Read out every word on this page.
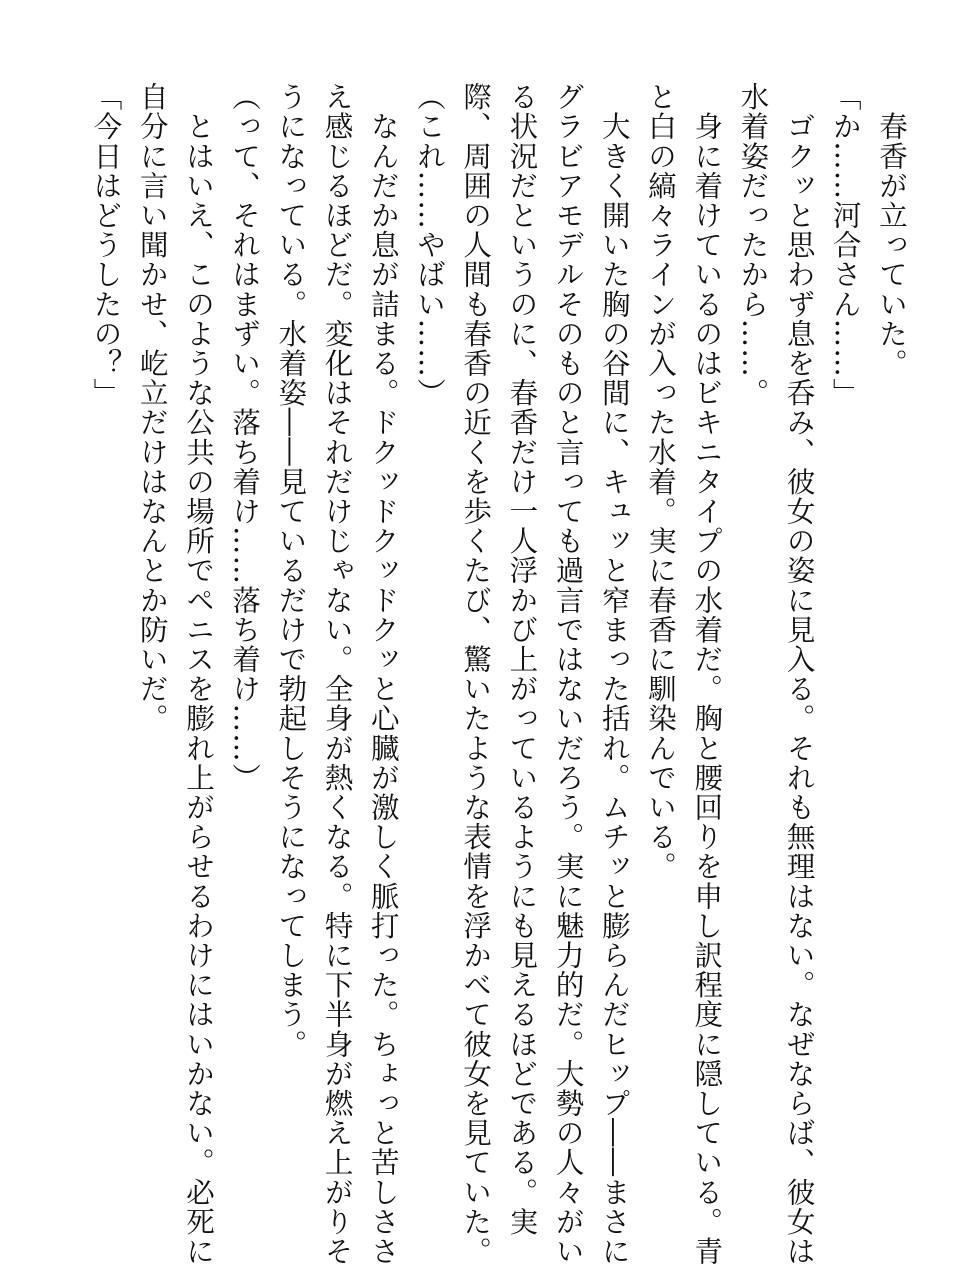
　春香が立っていた。

「か……河合さん……」

　ゴクッと思わず息を呑み、彼女の姿に見入る。それも無理はない。なぜならば、彼女は

水着姿だったから……。

　身に着けているのはビキニタイプの水着だ。胸と腰回りを申し訳程度に隠している。青

と白の縞々ラインが入った水着。実に春香に馴染んでいる。

　大きく開いた胸の谷間に、キュッと窄まった括れ。ムチッと膨らんだヒップ――まさに

グラビアモデルそのものと言っても過言ではないだろう。実に魅力的だ。大勢の人々がい

る状況だというのに、春香だけ一人浮かび上がっているようにも見えるほどである。実

際、周囲の人間も春香の近くを歩くたび、驚いたような表情を浮かべて彼女を見ていた。

（これ……やばい……）

　なんだか息が詰まる。ドクッドクッドクッと心臓が激しく脈打った。ちょっと苦しささ

え感じるほどだ。変化はそれだけじゃない。全身が熱くなる。特に下半身が燃え上がりそ

うになっている。水着姿――見ているだけで勃起しそうになってしまう。

（って、それはまずい。落ち着け……落ち着け……）

　とはいえ、このような公共の場所でペニスを膨れ上がらせるわけにはいかない。必死に

自分に言い聞かせ、屹立だけはなんとか防いだ。

「今日はどうしたの？」
